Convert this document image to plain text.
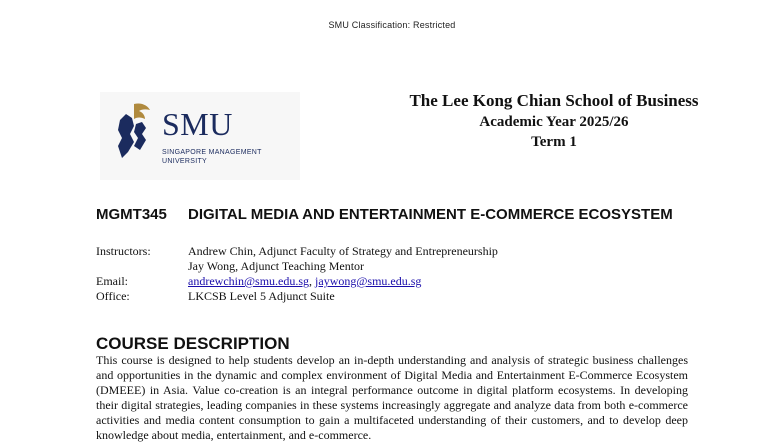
SMU Classification: Restricted
SMU
SINGAPORE MANAGEMENT
UNIVERSITY
The Lee Kong Chian School of Business
Academic Year 2025/26
Term 1
MGMT345	DIGITAL MEDIA AND ENTERTAINMENT E-COMMERCE ECOSYSTEM
Instructors:	Andrew Chin, Adjunct Faculty of Strategy and Entrepreneurship
Jay Wong, Adjunct Teaching Mentor
Email:	andrewchin@smu.edu.sg, jaywong@smu.edu.sg
Office:	LKCSB Level 5 Adjunct Suite
COURSE DESCRIPTION
This course is designed to help students develop an in-depth understanding and analysis of strategic business challenges and opportunities in the dynamic and complex environment of Digital Media and Entertainment E-Commerce Ecosystem (DMEEE) in Asia. Value co-creation is an integral performance outcome in digital platform ecosystems. In developing their digital strategies, leading companies in these systems increasingly aggregate and analyze data from both e-commerce activities and media content consumption to gain a multifaceted understanding of their customers, and to develop deep knowledge about media, entertainment, and e-commerce.
